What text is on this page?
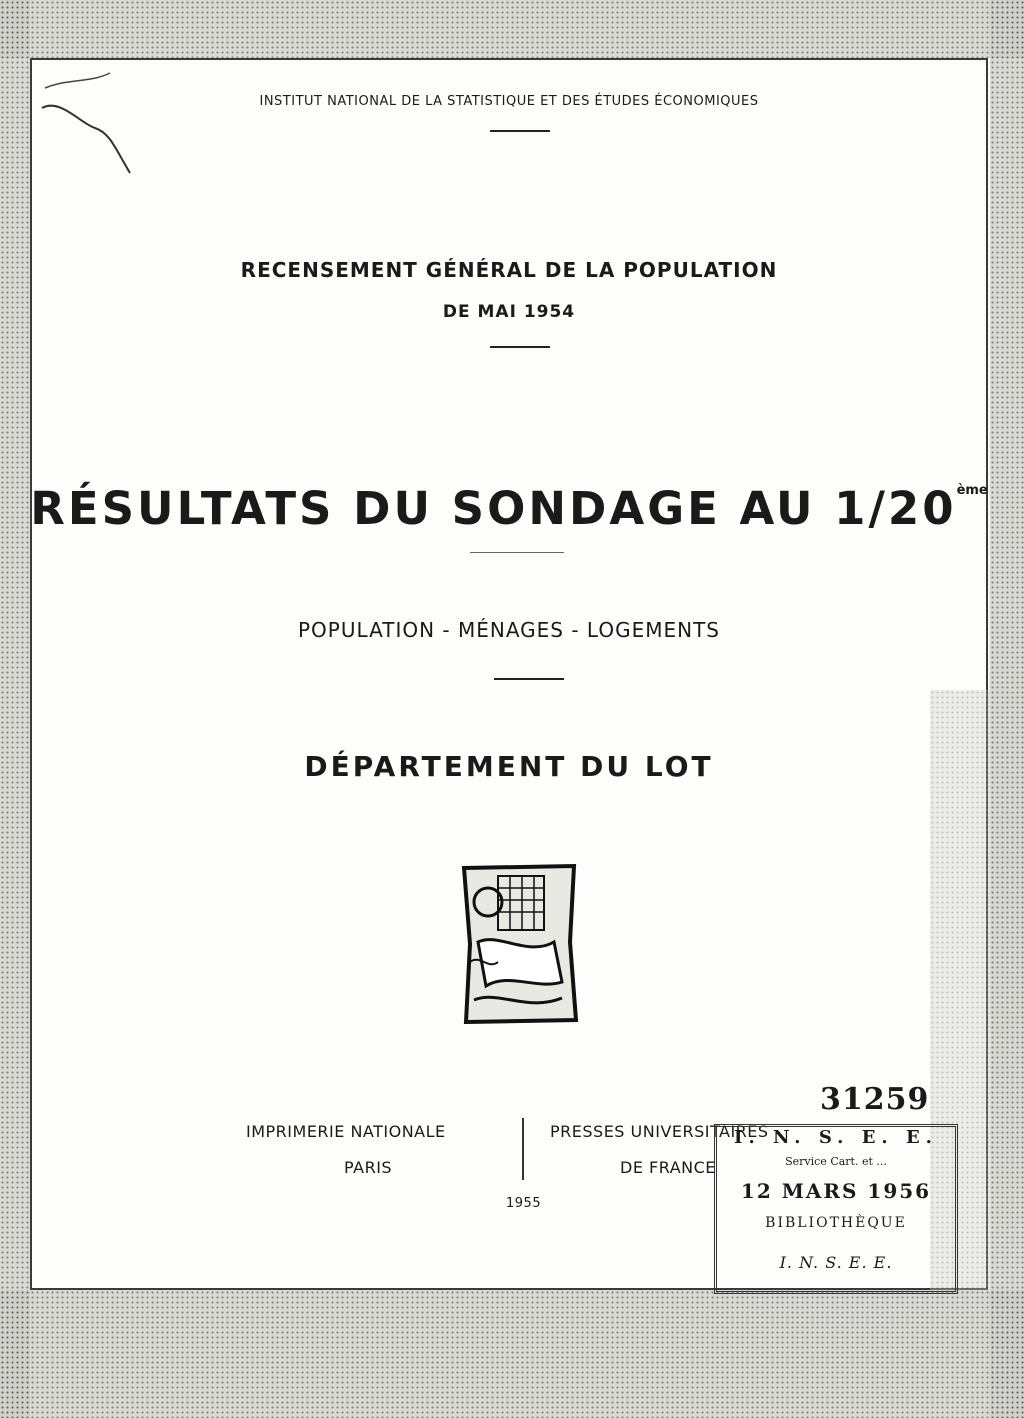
INSTITUT NATIONAL DE LA STATISTIQUE ET DES ÉTUDES ÉCONOMIQUES
RECENSEMENT GÉNÉRAL DE LA POPULATION
DE MAI 1954
RÉSULTATS DU SONDAGE AU 1/20ème
POPULATION - MÉNAGES - LOGEMENTS
DÉPARTEMENT DU LOT
31259
IMPRIMERIE NATIONALE
PARIS
PRESSES UNIVERSITAIRES
DE FRANCE
1955
I. N. S. E. E.
Service Cart. et ...
12 MARS 1956
BIBLIOTHÈQUE
I. N. S. E. E.
